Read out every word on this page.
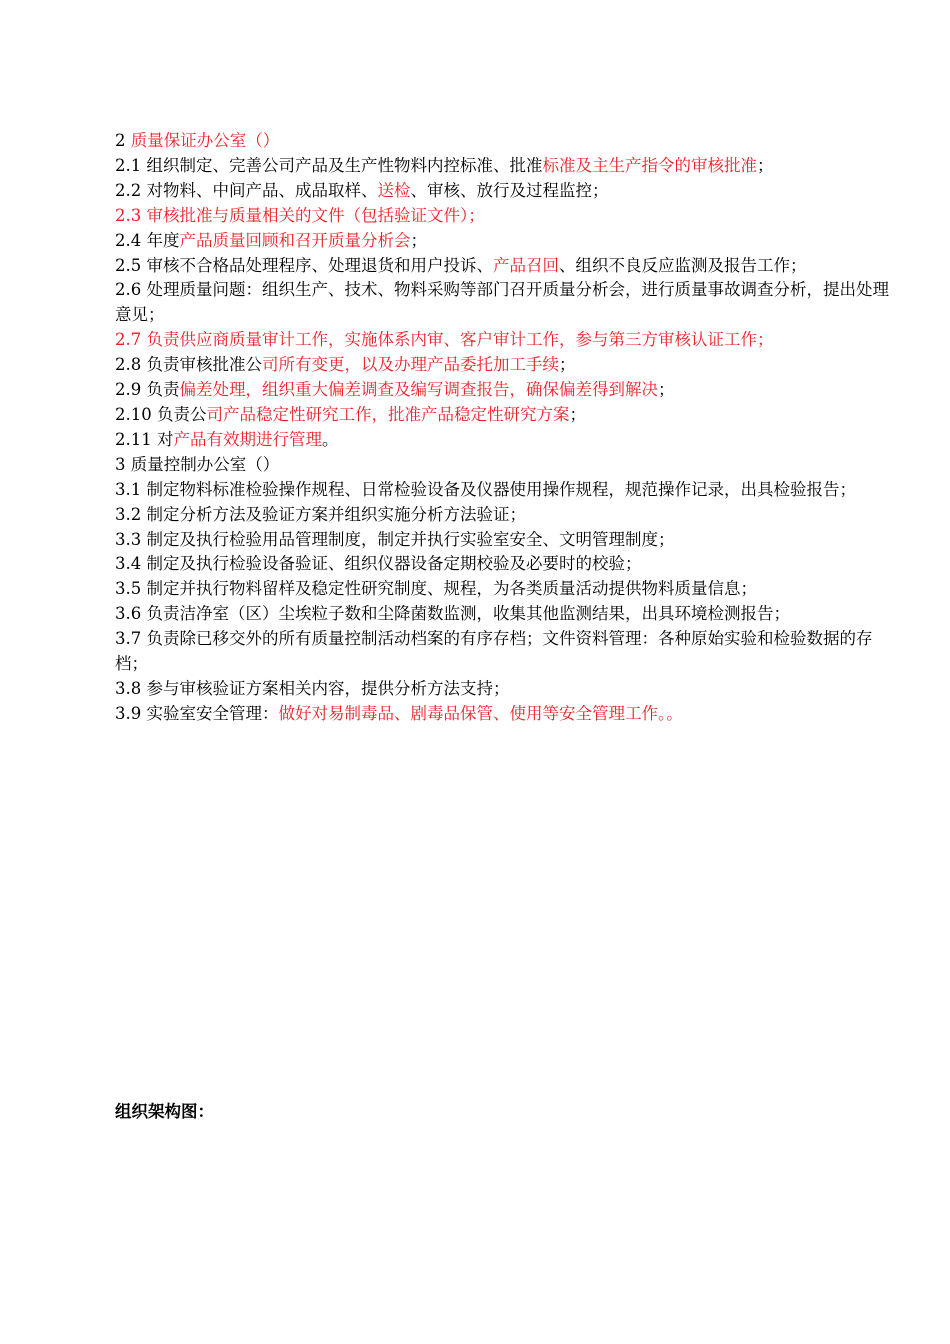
2 质量保证办公室（）

2.1 组织制定、完善公司产品及生产性物料内控标准、批准标准及主生产指令的审核批准；

2.2 对物料、中间产品、成品取样、送检、审核、放行及过程监控；

2.3 审核批准与质量相关的文件（包括验证文件）；

2.4 年度产品质量回顾和召开质量分析会；

2.5 审核不合格品处理程序、处理退货和用户投诉、产品召回、组织不良反应监测及报告工作；

2.6 处理质量问题：组织生产、技术、物料采购等部门召开质量分析会，进行质量事故调查分析，提出处理意见；

2.7 负责供应商质量审计工作，实施体系内审、客户审计工作，参与第三方审核认证工作；

2.8 负责审核批准公司所有变更，以及办理产品委托加工手续；

2.9 负责偏差处理，组织重大偏差调查及编写调查报告，确保偏差得到解决；

2.10 负责公司产品稳定性研究工作，批准产品稳定性研究方案；

2.11 对产品有效期进行管理。

3 质量控制办公室（）

3.1 制定物料标准检验操作规程、日常检验设备及仪器使用操作规程，规范操作记录，出具检验报告；

3.2 制定分析方法及验证方案并组织实施分析方法验证；

3.3 制定及执行检验用品管理制度，制定并执行实验室安全、文明管理制度；

3.4 制定及执行检验设备验证、组织仪器设备定期校验及必要时的校验；

3.5 制定并执行物料留样及稳定性研究制度、规程，为各类质量活动提供物料质量信息；

3.6 负责洁净室（区）尘埃粒子数和尘降菌数监测，收集其他监测结果，出具环境检测报告；

3.7 负责除已移交外的所有质量控制活动档案的有序存档；文件资料管理：各种原始实验和检验数据的存档；

3.8 参与审核验证方案相关内容，提供分析方法支持；

3.9 实验室安全管理：做好对易制毒品、剧毒品保管、使用等安全管理工作。。

组织架构图：
